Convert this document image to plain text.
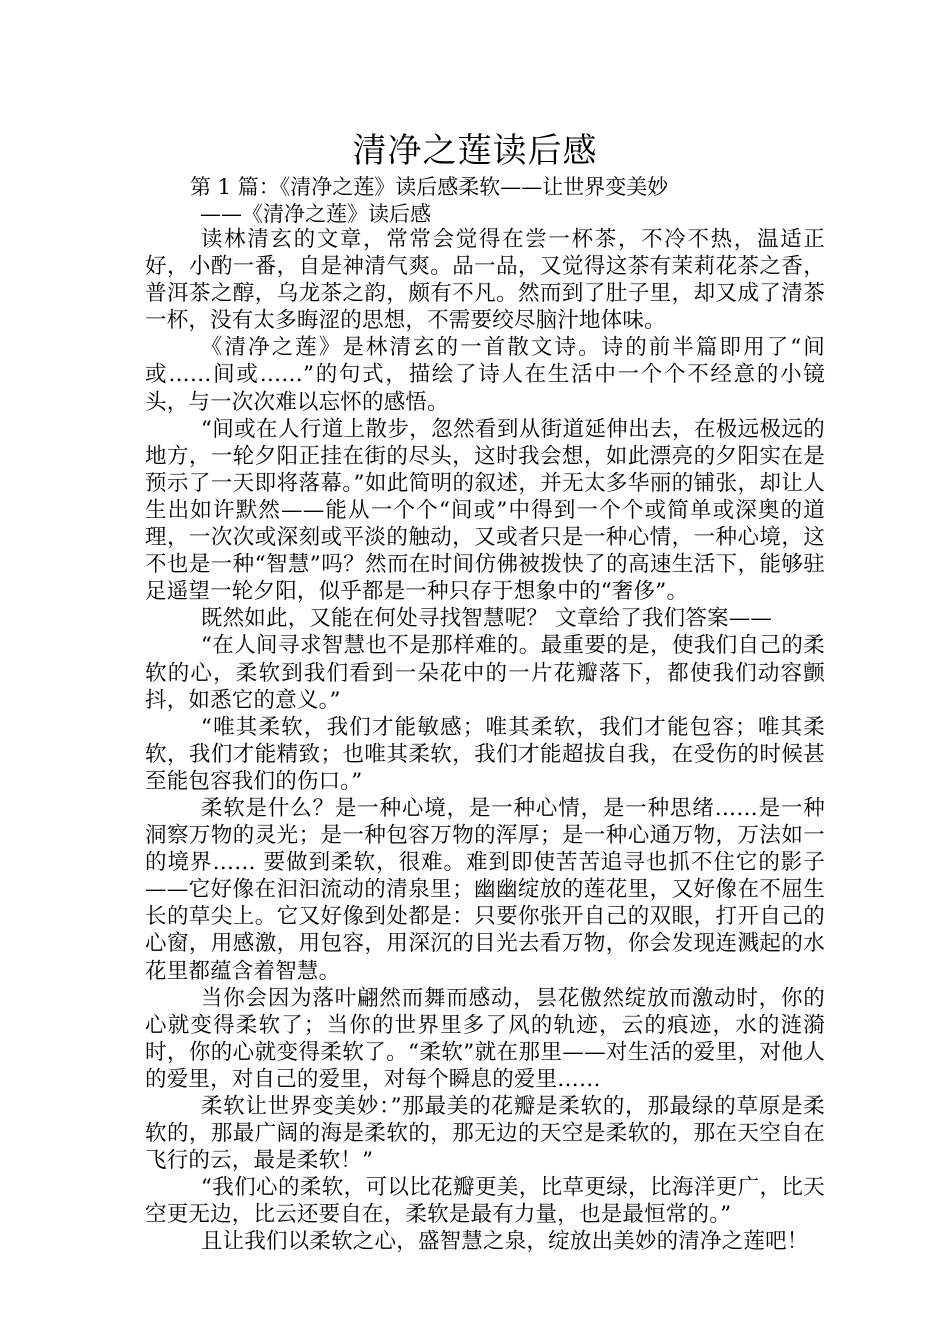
清净之莲读后感

第 1 篇：《清净之莲》读后感柔软——让世界变美妙

——《清净之莲》读后感

读林清玄的文章，常常会觉得在尝一杯茶，不冷不热，温适正好，小酌一番，自是神清气爽。品一品，又觉得这茶有茉莉花茶之香，普洱茶之醇，乌龙茶之韵，颇有不凡。然而到了肚子里，却又成了清茶一杯，没有太多晦涩的思想，不需要绞尽脑汁地体味。

《清净之莲》是林清玄的一首散文诗。诗的前半篇即用了“间或……间或……”的句式，描绘了诗人在生活中一个个不经意的小镜头，与一次次难以忘怀的感悟。

“间或在人行道上散步，忽然看到从街道延伸出去，在极远极远的地方，一轮夕阳正挂在街的尽头，这时我会想，如此漂亮的夕阳实在是预示了一天即将落幕。”如此简明的叙述，并无太多华丽的铺张，却让人生出如许默然——能从一个个“间或”中得到一个个或简单或深奥的道理，一次次或深刻或平淡的触动，又或者只是一种心情，一种心境，这不也是一种“智慧”吗？然而在时间仿佛被拨快了的高速生活下，能够驻足遥望一轮夕阳，似乎都是一种只存于想象中的“奢侈”。

既然如此，又能在何处寻找智慧呢？ 文章给了我们答案——

“在人间寻求智慧也不是那样难的。最重要的是，使我们自己的柔软的心，柔软到我们看到一朵花中的一片花瓣落下，都使我们动容颤抖，如悉它的意义。”

“唯其柔软，我们才能敏感；唯其柔软，我们才能包容；唯其柔软，我们才能精致；也唯其柔软，我们才能超拔自我，在受伤的时候甚至能包容我们的伤口。”

柔软是什么？是一种心境，是一种心情，是一种思绪……是一种洞察万物的灵光；是一种包容万物的浑厚；是一种心通万物，万法如一的境界…… 要做到柔软，很难。难到即使苦苦追寻也抓不住它的影子——它好像在汩汩流动的清泉里；幽幽绽放的莲花里，又好像在不屈生长的草尖上。它又好像到处都是：只要你张开自己的双眼，打开自己的心窗，用感激，用包容，用深沉的目光去看万物，你会发现连溅起的水花里都蕴含着智慧。

当你会因为落叶翩然而舞而感动，昙花傲然绽放而激动时，你的心就变得柔软了；当你的世界里多了风的轨迹，云的痕迹，水的涟漪时，你的心就变得柔软了。“柔软”就在那里——对生活的爱里，对他人的爱里，对自己的爱里，对每个瞬息的爱里……

柔软让世界变美妙：”那最美的花瓣是柔软的，那最绿的草原是柔软的，那最广阔的海是柔软的，那无边的天空是柔软的，那在天空自在飞行的云，最是柔软！”

“我们心的柔软，可以比花瓣更美，比草更绿，比海洋更广，比天空更无边，比云还要自在，柔软是最有力量，也是最恒常的。”

且让我们以柔软之心，盛智慧之泉，绽放出美妙的清净之莲吧！
